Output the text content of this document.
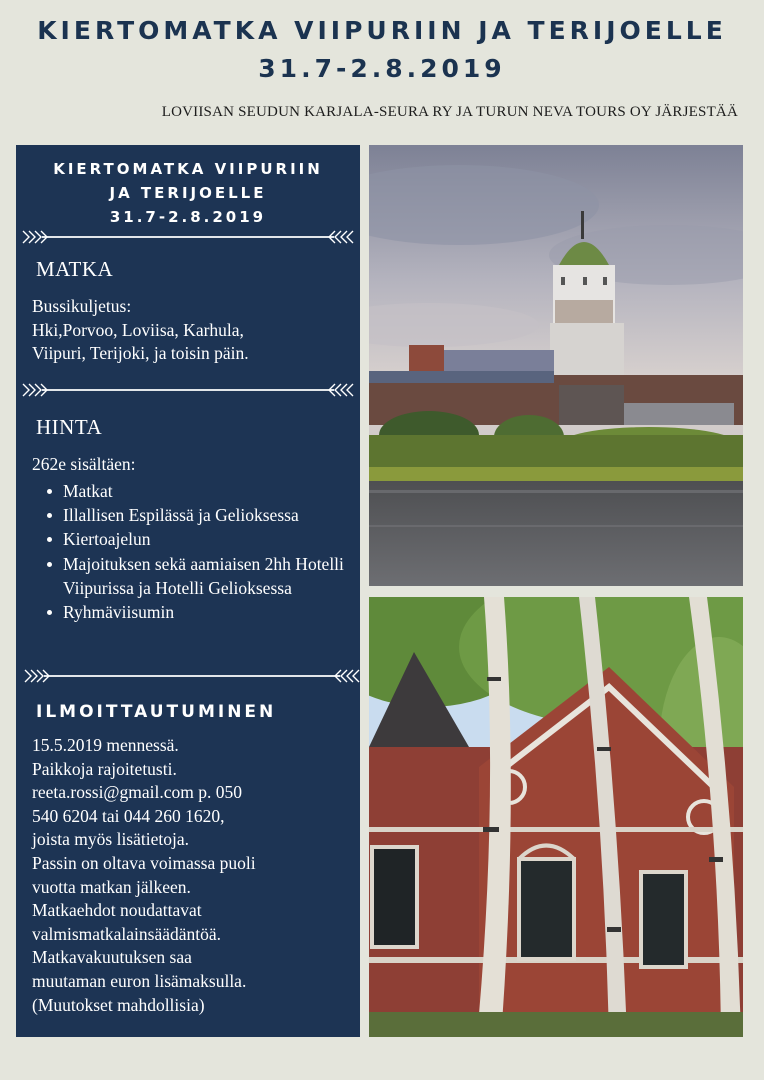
KIERTOMATKA VIIPURIIN JA TERIJOELLE
31.7-2.8.2019
LOVIISAN SEUDUN KARJALA-SEURA RY JA TURUN NEVA TOURS OY JÄRJESTÄÄ
KIERTOMATKA VIIPURIIN
JA TERIJOELLE
31.7-2.8.2019
MATKA
Bussikuljetus:
Hki,Porvoo, Loviisa, Karhula,
Viipuri, Terijoki, ja toisin päin.
HINTA
262e sisältäen:
Matkat
Illallisen Espilässä ja Gelioksessa
Kiertoajelun
Majoituksen sekä aamiaisen 2hh Hotelli Viipurissa ja Hotelli Gelioksessa
Ryhmäviisumin
ILMOITTAUTUMINEN
15.5.2019 mennessä.
Paikkoja rajoitetusti.
reeta.rossi@gmail.com p. 050
540 6204 tai 044 260 1620,
joista myös lisätietoja.
Passin on oltava voimassa puoli
vuotta matkan jälkeen.
Matkaehdot noudattavat
valmismatkalainsäädäntöä.
Matkavakuutuksen saa
muutaman euron lisämaksulla.
(Muutokset mahdollisia)
